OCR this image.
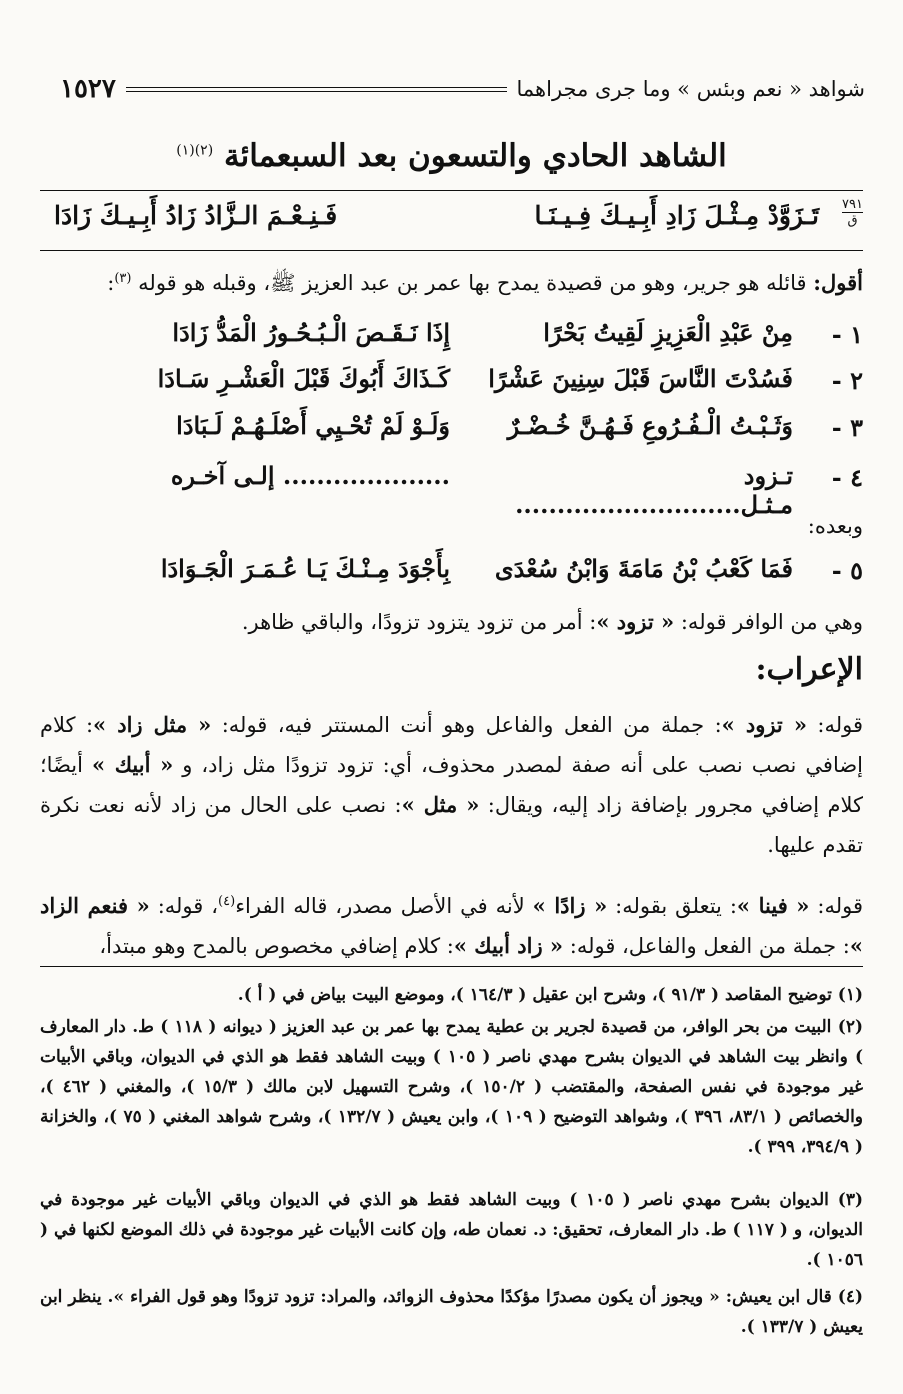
شواهد « نعم وبئس » وما جرى مجراهما
١٥٢٧
الشاهد الحادي والتسعون بعد السبعمائة $^{(٢)(١)}$
٧٩١
ق
تَـزَوَّدْ مِـثْـلَ زَادِ أَبِـيـكَ فِـيـنَـا
فَـنِـعْـمَ الـزَّادُ زَادُ أَبِـيـكَ زَادَا
أقول: قائله هو جرير، وهو من قصيدة يمدح بها عمر بن عبد العزيز ﷺ، وقبله هو قوله $^{(٣)}$:
١ -
مِنْ عَبْدِ الْعَزِيزِ لَقِيتُ بَحْرًا
إِذَا نَـقَـصَ الْـبُـحُـورُ الْمَدُّ زَادَا
٢ -
فَسُدْتَ النَّاسَ قَبْلَ سِنِينَ عَشْرًا
كَـذَاكَ أَبُوكَ قَبْلَ الْعَشْـرِ سَـادَا
٣ -
وَثَـبْـتُ الْـفُـرُوعِ فَـهُـنَّ خُـضْـرٌ
وَلَـوْ لَمْ تُحْـيِي أَصْلَـهُـمْ لَـبَادَا
٤ -
تـزود مـثـل...........................
.................... إلـى آخـره
وبعده:
٥ -
فَمَا كَعْبُ بْنُ مَامَةَ وَابْنُ سُعْدَى
بِأَجْوَدَ مِـنْـكَ يَـا عُـمَـرَ الْجَـوَادَا
وهي من الوافر قوله: « تزود »: أمر من تزود يتزود تزودًا، والباقي ظاهر.
الإعراب:
قوله: « تزود »: جملة من الفعل والفاعل وهو أنت المستتر فيه، قوله: « مثل زاد »: كلام إضافي نصب نصب على أنه صفة لمصدر محذوف، أي: تزود تزودًا مثل زاد، و « أبيك » أيضًا؛ كلام إضافي مجرور بإضافة زاد إليه، ويقال: « مثل »: نصب على الحال من زاد لأنه نعت نكرة تقدم عليها.
قوله: « فينا »: يتعلق بقوله: « زادًا » لأنه في الأصل مصدر، قاله الفراء$^{(٤)}$، قوله: « فنعم الزاد »: جملة من الفعل والفاعل، قوله: « زاد أبيك »: كلام إضافي مخصوص بالمدح وهو مبتدأ،
(١) توضيح المقاصد ( ٩١/٣ )، وشرح ابن عقيل ( ١٦٤/٣ )، وموضع البيت بياض في ( أ ).
(٢) البيت من بحر الوافر، من قصيدة لجرير بن عطية يمدح بها عمر بن عبد العزيز ( ديوانه ( ١١٨ ) ط. دار المعارف ) وانظر بيت الشاهد في الديوان بشرح مهدي ناصر ( ١٠٥ ) وبيت الشاهد فقط هو الذي في الديوان، وباقي الأبيات غير موجودة في نفس الصفحة، والمقتضب ( ١٥٠/٢ )، وشرح التسهيل لابن مالك ( ١٥/٣ )، والمغني ( ٤٦٢ )، والخصائص ( ٨٣/١، ٣٩٦ )، وشواهد التوضيح ( ١٠٩ )، وابن يعيش ( ١٣٢/٧ )، وشرح شواهد المغني ( ٧٥ )، والخزانة ( ٣٩٤/٩، ٣٩٩ ).
(٣) الديوان بشرح مهدي ناصر ( ١٠٥ ) وبيت الشاهد فقط هو الذي في الديوان وباقي الأبيات غير موجودة في الديوان، و ( ١١٧ ) ط. دار المعارف، تحقيق: د. نعمان طه، وإن كانت الأبيات غير موجودة في ذلك الموضع لكنها في ( ١٠٥٦ ).
(٤) قال ابن يعيش: « ويجوز أن يكون مصدرًا مؤكدًا محذوف الزوائد، والمراد: تزود تزودًا وهو قول الفراء ». ينظر ابن يعيش ( ١٣٣/٧ ).
